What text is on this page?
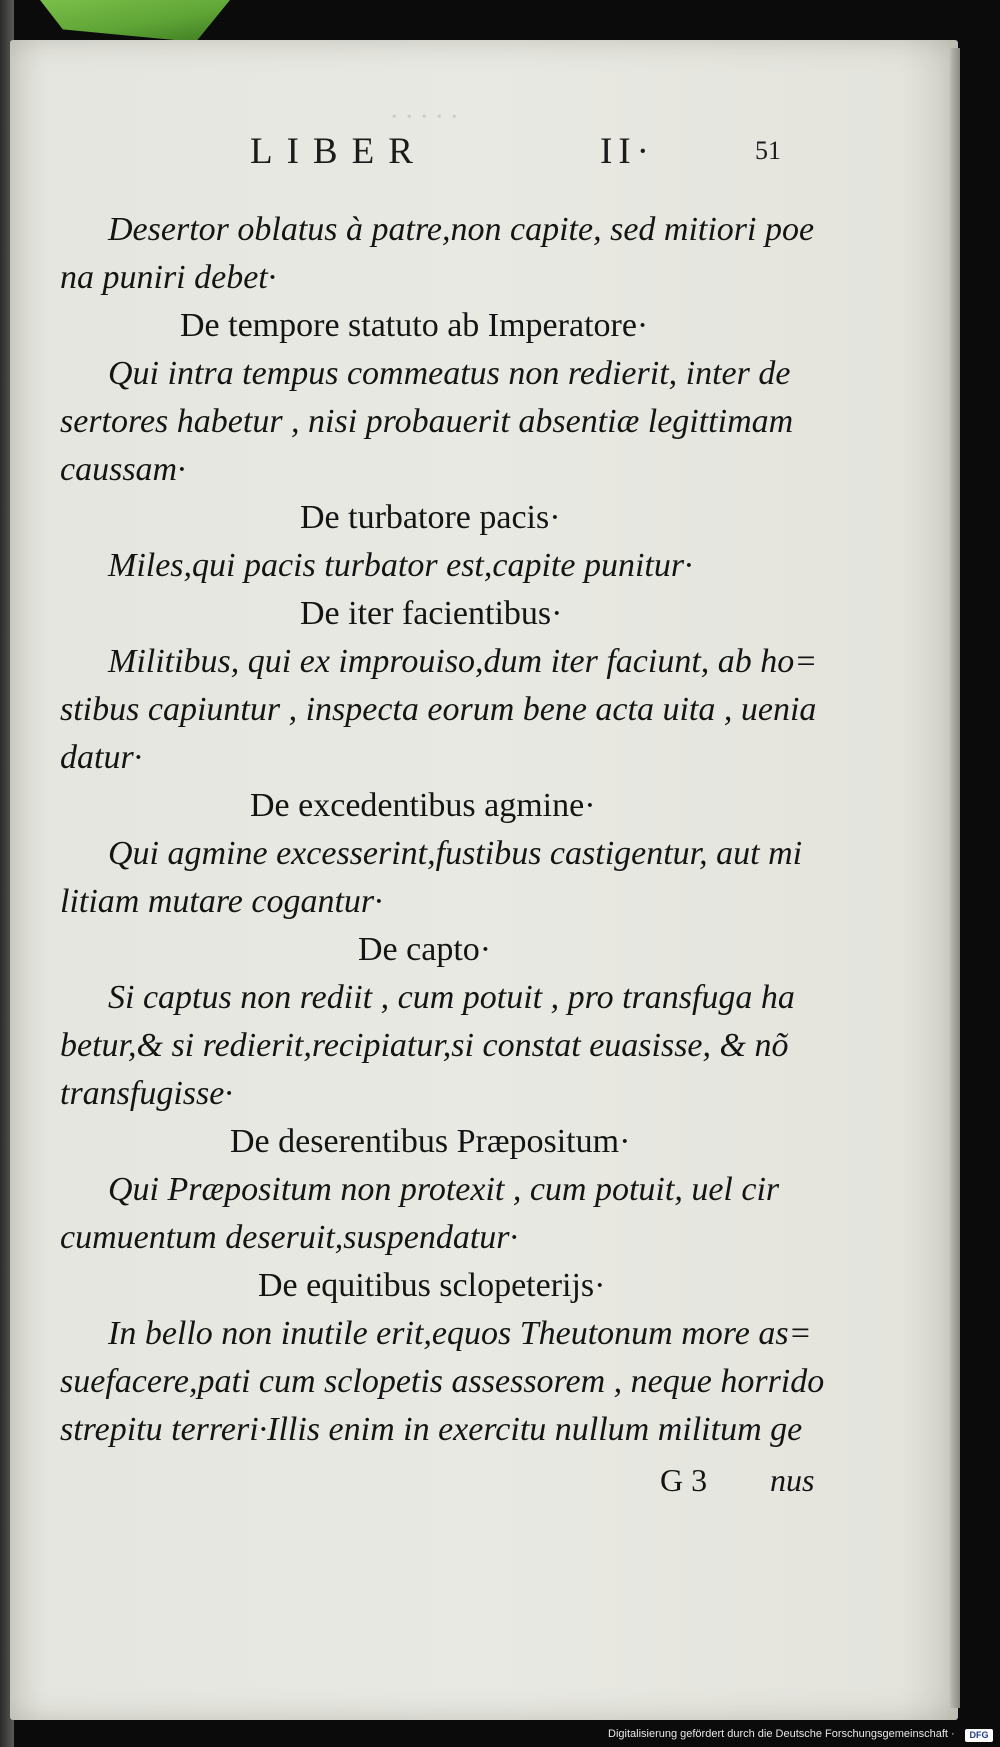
· · · · ·
LIBER	II·	51
Desertor oblatus à patre,non capite, sed mitiori poe
na puniri debet·
De tempore statuto ab Imperatore·
Qui intra tempus commeatus non redierit, inter de
sertores habetur , nisi probauerit absentiæ legittimam
caussam·
De turbatore pacis·
Miles,qui pacis turbator est,capite punitur·
De iter facientibus·
Militibus, qui ex improuiso,dum iter faciunt, ab ho=
stibus capiuntur , inspecta eorum bene acta uita , uenia
datur·
De excedentibus agmine·
Qui agmine excesserint,fustibus castigentur, aut mi
litiam mutare cogantur·
De capto·
Si captus non rediit , cum potuit , pro transfuga ha
betur,& si redierit,recipiatur,si constat euasisse, & nõ
transfugisse·
De deserentibus Præpositum·
Qui Præpositum non protexit , cum potuit, uel cir
cumuentum deseruit,suspendatur·
De equitibus sclopeterijs·
In bello non inutile erit,equos Theutonum more as=
suefacere,pati cum sclopetis assessorem , neque horrido
strepitu terreri·Illis enim in exercitu nullum militum ge
G 3 nus
Digitalisierung gefördert durch die Deutsche Forschungsgemeinschaft ·	DFG
